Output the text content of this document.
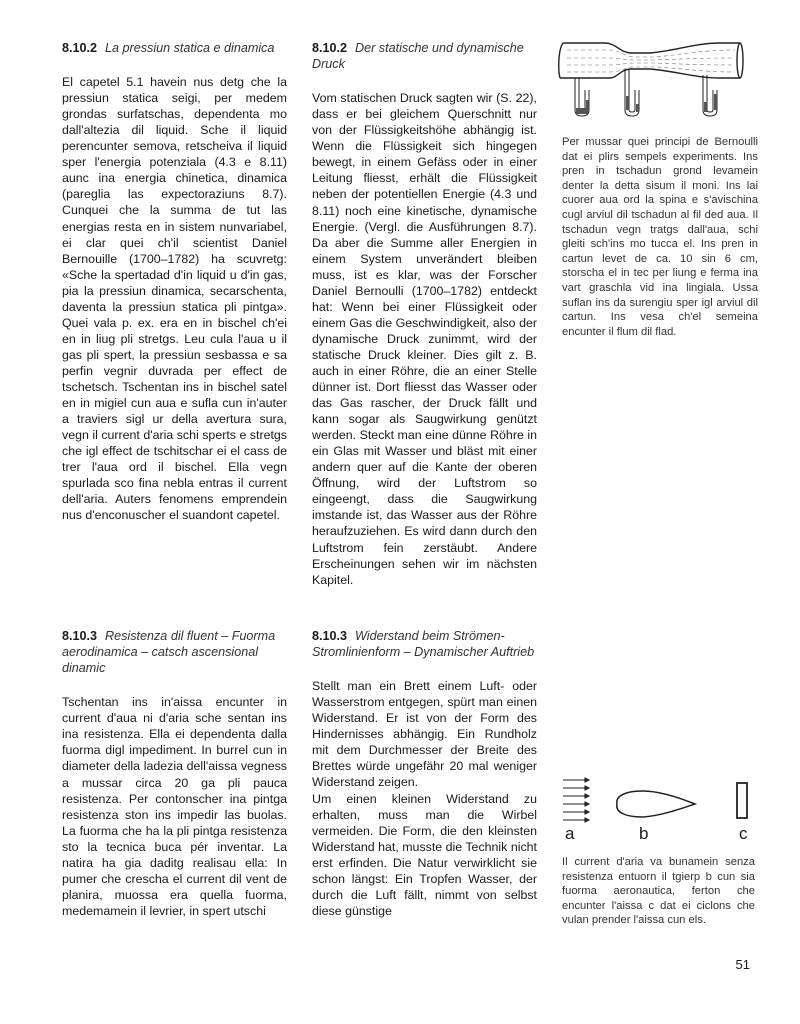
8.10.2 La pressiun statica e dinamica

El capetel 5.1 havein nus detg che la pressiun statica seigi, per medem grondas surfatschas, dependenta mo dall'altezia dil liquid. Sche il liquid perencunter semova, retscheiva il liquid sper l'energia potenziala (4.3 e 8.11) aunc ina energia chinetica, dinamica (pareglia las expectoraziuns 8.7). Cunquei che la summa de tut las energias resta en in sistem nunvariabel, ei clar quei ch'il scientist Daniel Bernouille (1700–1782) ha scuvretg: «Sche la spertadad d'in liquid u d'in gas, pia la pressiun dinamica, secarschenta, daventa la pressiun statica pli pintga». Quei vala p. ex. era en in bischel ch'ei en in liug pli stretgs. Leu cula l'aua u il gas pli spert, la pressiun sesbassa e sa perfin vegnir duvrada per effect de tschetsch. Tschentan ins in bischel satel en in migiel cun aua e sufla cun in'auter a traviers sigl ur della avertura sura, vegn il current d'aria schi sperts e stretgs che igl effect de tschitschar ei el cass de trer l'aua ord il bischel. Ella vegn spurlada sco fina nebla entras il current dell'aria. Auters fenomens emprendein nus d'enconuscher el suandont capetel.

8.10.3 Resistenza dil fluent – Fuorma aerodinamica – catsch ascensional dinamic

Tschentan ins in'aissa encunter in current d'aua ni d'aria sche sentan ins ina resistenza. Ella ei dependenta dalla fuorma digl impediment. In burrel cun in diameter della ladezia dell'aissa vegness a mussar circa 20 ga pli pauca resistenza. Per contonscher ina pintga resistenza ston ins impedir las buolas. La fuorma che ha la pli pintga resistenza sto la tecnica buca pér inventar. La natira ha gia daditg realisau ella: In pumer che crescha el current dil vent de planira, muossa era quella fuorma, medemamein il levrier, in spert utschi

8.10.2 Der statische und dynamische Druck

Vom statischen Druck sagten wir (S. 22), dass er bei gleichem Querschnitt nur von der Flüssigkeitshöhe abhängig ist. Wenn die Flüssigkeit sich hingegen bewegt, in einem Gefäss oder in einer Leitung fliesst, erhält die Flüssigkeit neben der potentiellen Energie (4.3 und 8.11) noch eine kinetische, dynamische Energie. (Vergl. die Ausführungen 8.7). Da aber die Summe aller Energien in einem System unverändert bleiben muss, ist es klar, was der Forscher Daniel Bernoulli (1700–1782) entdeckt hat: Wenn bei einer Flüssigkeit oder einem Gas die Geschwindigkeit, also der dynamische Druck zunimmt, wird der statische Druck kleiner. Dies gilt z. B. auch in einer Röhre, die an einer Stelle dünner ist. Dort fliesst das Wasser oder das Gas rascher, der Druck fällt und kann sogar als Saugwirkung genützt werden. Steckt man eine dünne Röhre in ein Glas mit Wasser und bläst mit einer andern quer auf die Kante der oberen Öffnung, wird der Luftstrom so eingeengt, dass die Saugwirkung imstande ist, das Wasser aus der Röhre heraufzuziehen. Es wird dann durch den Luftstrom fein zerstäubt. Andere Erscheinungen sehen wir im nächsten Kapitel.

8.10.3 Widerstand beim Strömen-Stromlinienform – Dynamischer Auftrieb

Stellt man ein Brett einem Luft- oder Wasserstrom entgegen, spürt man einen Widerstand. Er ist von der Form des Hindernisses abhängig. Ein Rundholz mit dem Durchmesser der Breite des Brettes würde ungefähr 20 mal weniger Widerstand zeigen.

Um einen kleinen Widerstand zu erhalten, muss man die Wirbel vermeiden. Die Form, die den kleinsten Widerstand hat, musste die Technik nicht erst erfinden. Die Natur verwirklicht sie schon längst: Ein Tropfen Wasser, der durch die Luft fällt, nimmt von selbst diese günstige

Per mussar quei principi de Bernoulli dat ei plirs sempels experiments. Ins pren in tschadun grond levamein denter la detta sisum il moni. Ins lai cuorer aua ord la spina e s'avischina cugl arviul dil tschadun al fil ded aua. Il tschadun vegn tratgs dall'aua, schi gleiti sch'ins mo tucca el. Ins pren in cartun levet de ca. 10 sin 6 cm, storscha el in tec per liung e ferma ina vart graschla vid ina lingiala. Ussa suflan ins da surengiu sper igl arviul dil cartun. Ins vesa ch'el semeina encunter il flum dil flad.

a	b	c

Il current d'aria va bunamein senza resistenza entuorn il tgierp b cun sia fuorma aeronautica, ferton che encunter l'aissa c dat ei ciclons che vulan prender l'aissa cun els.

51
